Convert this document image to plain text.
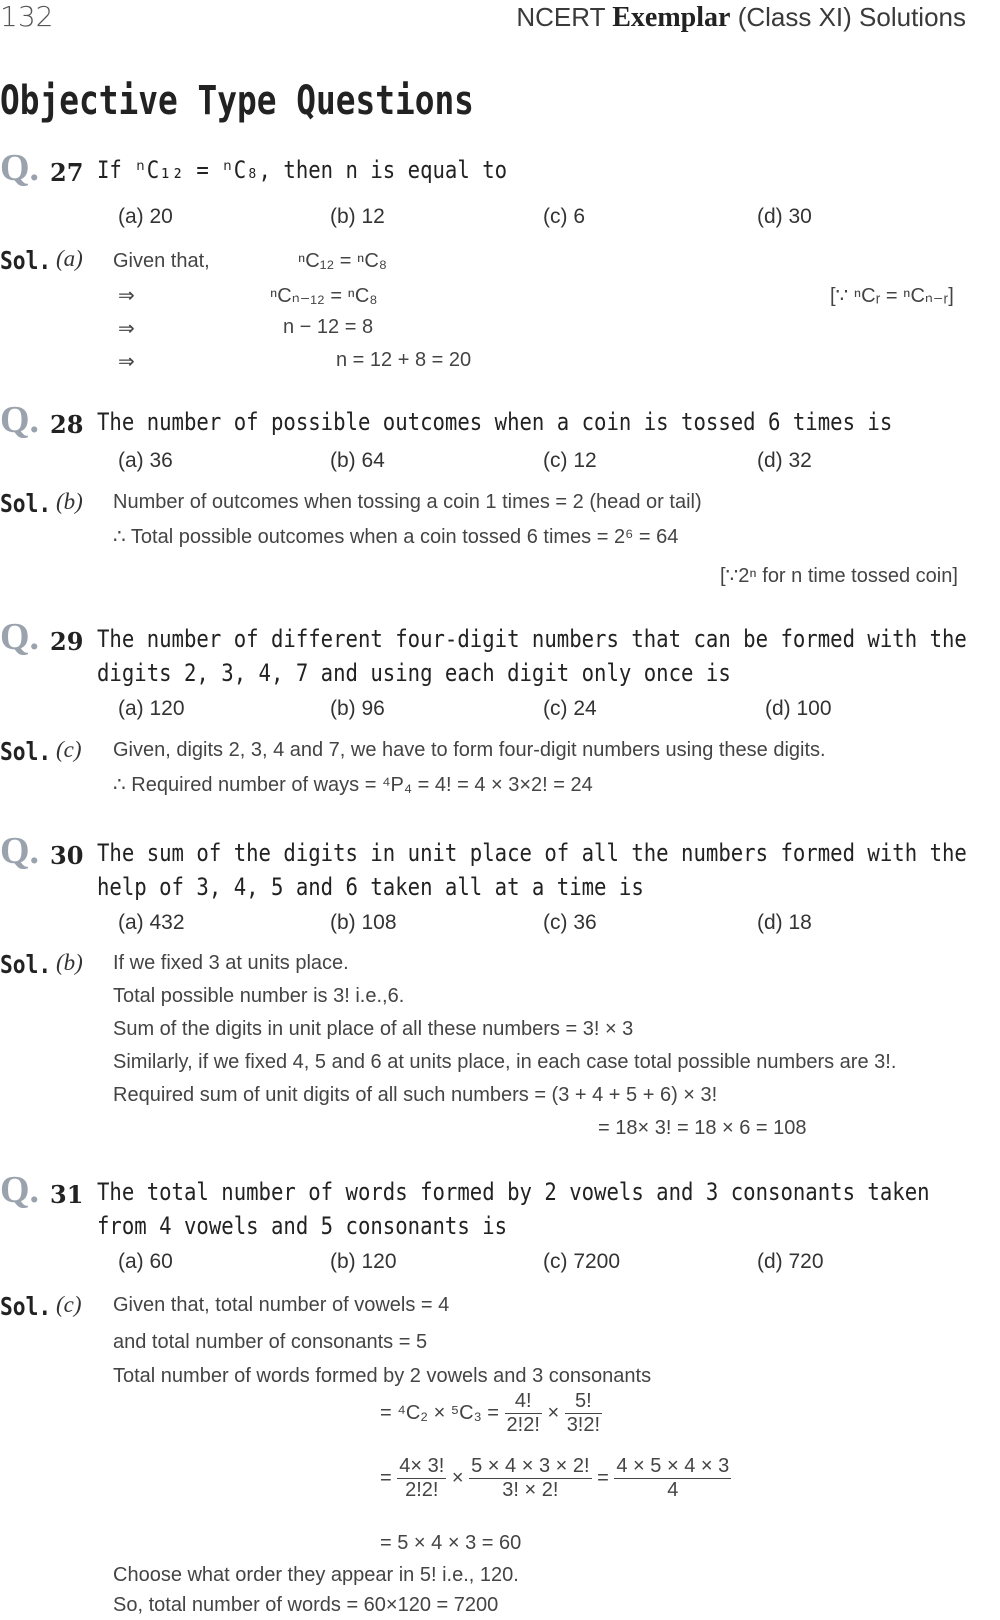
132	NCERT Exemplar (Class XI) Solutions
Objective Type Questions
Q. 27 If ⁿC₁₂ = ⁿC₈, then n is equal to
(a) 20	(b) 12	(c) 6	(d) 30
Sol. (a) Given that,
⇒
⇒
⇒
ⁿC₁₂ = ⁿC₈
ⁿCₙ₋₁₂ = ⁿC₈
n − 12 = 8
n = 12 + 8 = 20
[∵ ⁿCᵣ = ⁿCₙ₋ᵣ]
Q. 28 The number of possible outcomes when a coin is tossed 6 times is
(a) 36	(b) 64	(c) 12	(d) 32
Sol. (b) Number of outcomes when tossing a coin 1 times = 2 (head or tail)
∴ Total possible outcomes when a coin tossed 6 times = 2⁶ = 64
[∵2ⁿ for n time tossed coin]
Q. 29 The number of different four-digit numbers that can be formed with the
digits 2, 3, 4, 7 and using each digit only once is
(a) 120	(b) 96	(c) 24	(d) 100
Sol. (c) Given, digits 2, 3, 4 and 7, we have to form four-digit numbers using these digits.
∴ Required number of ways = ⁴P₄ = 4! = 4 × 3×2! = 24
Q. 30 The sum of the digits in unit place of all the numbers formed with the
help of 3, 4, 5 and 6 taken all at a time is
(a) 432	(b) 108	(c) 36	(d) 18
Sol. (b) If we fixed 3 at units place.
Total possible number is 3! i.e.,6.
Sum of the digits in unit place of all these numbers = 3! × 3
Similarly, if we fixed 4, 5 and 6 at units place, in each case total possible numbers are 3!.
Required sum of unit digits of all such numbers = (3 + 4 + 5 + 6) × 3!
= 18× 3! = 18 × 6 = 108
Q. 31 The total number of words formed by 2 vowels and 3 consonants taken
from 4 vowels and 5 consonants is
(a) 60	(b) 120	(c) 7200	(d) 720
Sol. (c) Given that, total number of vowels = 4
and total number of consonants = 5
Total number of words formed by 2 vowels and 3 consonants
= $^4C_2 \times ^5C_3 = \frac{4!}{2!2!} \times \frac{5!}{3!2!}$
= $\frac{4\times 3!}{2!2!} \times \frac{5 \times 4 \times 3 \times 2!}{3! \times 2!} = \frac{4 \times 5 \times 4 \times 3}{4}$
= 5 × 4 × 3 = 60
Choose what order they appear in 5! i.e., 120.
So, total number of words = 60×120 = 7200
